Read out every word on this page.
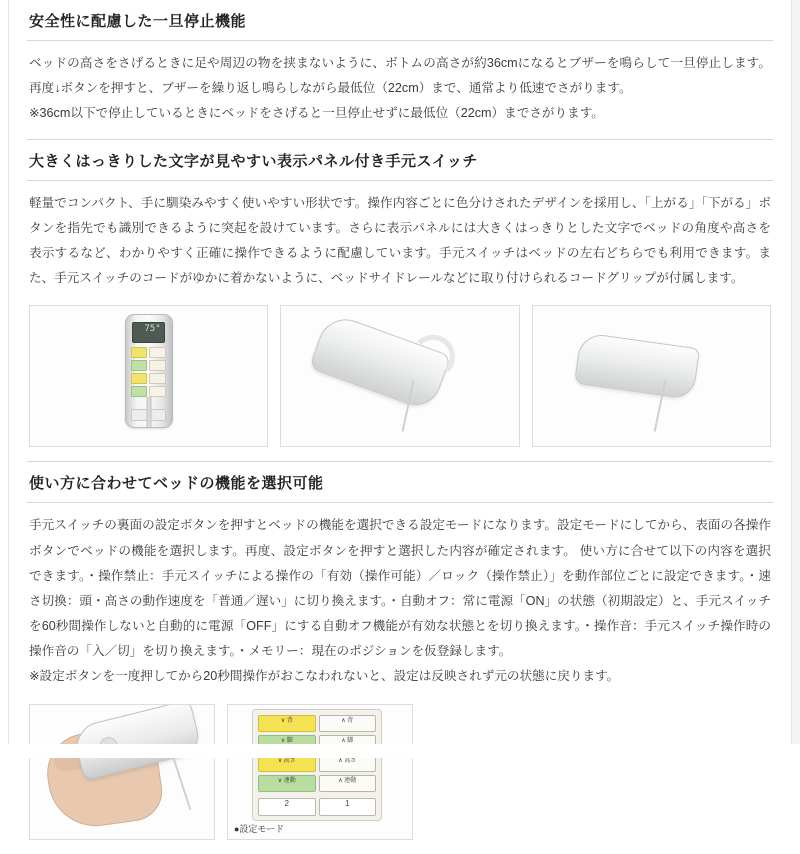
安全性に配慮した一旦停止機能

ベッドの高さをさげるときに足や周辺の物を挟まないように、ボトムの高さが約36cmになるとブザーを鳴らして一旦停止します。再度↓ボタンを押すと、ブザーを繰り返し鳴らしながら最低位（22cm）まで、通常より低速でさがります。

※36cm以下で停止しているときにベッドをさげると一旦停止せずに最低位（22cm）までさがります。

大きくはっきりした文字が見やすい表示パネル付き手元スイッチ

軽量でコンパクト、手に馴染みやすく使いやすい形状です。操作内容ごとに色分けされたデザインを採用し、「上がる」「下がる」ボタンを指先でも識別できるように突起を設けています。さらに表示パネルには大きくはっきりとした文字でベッドの角度や高さを表示するなど、わかりやすく正確に操作できるように配慮しています。手元スイッチはベッドの左右どちらでも利用できます。また、手元スイッチのコードがゆかに着かないように、ベッドサイドレールなどに取り付けられるコードグリップが付属します。

75°
使い方に合わせてベッドの機能を選択可能

手元スイッチの裏面の設定ボタンを押すとベッドの機能を選択できる設定モードになります。設定モードにしてから、表面の各操作ボタンでベッドの機能を選択します。再度、設定ボタンを押すと選択した内容が確定されます。 使い方に合せて以下の内容を選択できます。・操作禁止：手元スイッチによる操作の「有効（操作可能）／ロック（操作禁止）」を動作部位ごとに設定できます。・速さ切換：頭・高さの動作速度を「普通／遅い」に切り換えます。・自動オフ：常に電源「ON」の状態（初期設定）と、手元スイッチを60秒間操作しないと自動的に電源「OFF」にする自動オフ機能が有効な状態とを切り換えます。・操作音：手元スイッチ操作時の操作音の「入／切」を切り換えます。・メモリー：現在のポジションを仮登録します。

※設定ボタンを一度押してから20秒間操作がおこなわれないと、設定は反映されず元の状態に戻ります。

∨ 背	∧ 背
∨ 脚	∧ 脚
∨ 高さ	∧ 高さ
∨ 連動	∧ 連動
2	1
●設定モード
